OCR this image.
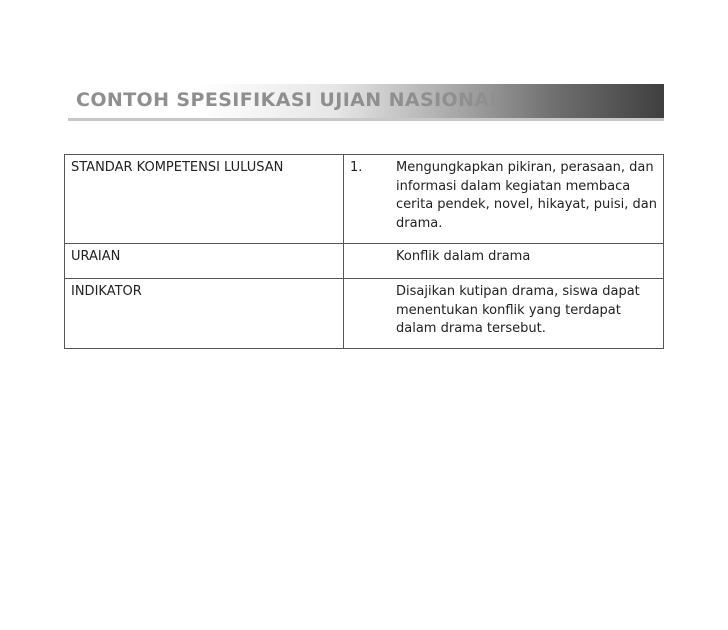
CONTOH SPESIFIKASI UJIAN NASIONAL
STANDAR KOMPETENSI LULUSAN	1. Mengungkapkan pikiran, perasaan, dan informasi dalam kegiatan membaca cerita pendek, novel, hikayat, puisi, dan drama.

URAIAN	Konflik dalam drama

INDIKATOR	Disajikan kutipan drama, siswa dapat menentukan konflik yang terdapat dalam drama tersebut.
